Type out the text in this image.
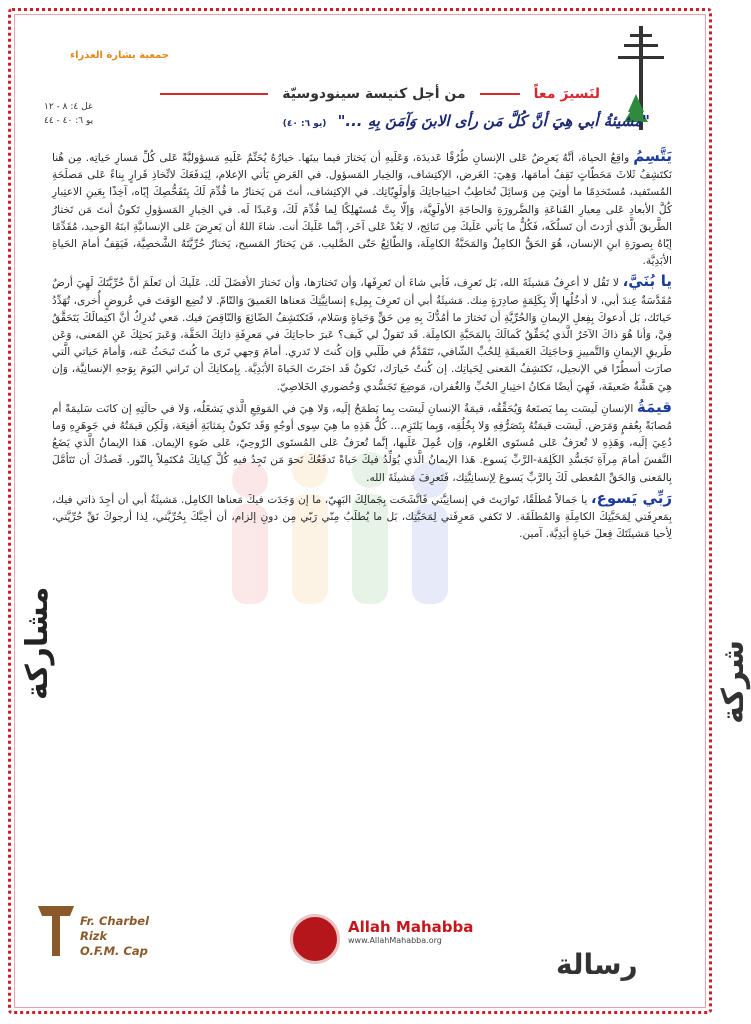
جمعية بشارة العذراء
من أجل كنيسة سينودوسيّة	لنَسيرَ معاً
غل ٤: ٨ - ١٢
يو ٦: ٤٠ - ٤٤	"مشيئةُ أبي هِيَ أنَّ كُلَّ مَن رأى الابنَ وَآمَنَ بِهِ ..." (يو ٦: ٤٠)

يَتَّسِمُ واقِعُ الحياة، أنَّهُ يَعرِضُ عَلى الإنسانِ طُرُقًا عَديدَة، وَعَلَيهِ أن يَختارَ فيما بينَها. خيارُهُ يُحَتِّمُ عَلَيهِ مَسؤوليَّةً عَلى كُلِّ مَسارِ حَياتِه. مِن هُنا نَكتَشِفُ ثَلاثَ مَحَطّاتٍ تَقِفُ أمامَها، وَهِيَ: العَرض، الإكتِشاف، وَالخِيار المَسؤول. في العَرضِ يَأتي الإعلام، لِيَدفَعَكَ لاتِّخاذِ قَرارٍ بِناءً عَلى مَصلَحَةِ المُستَفيد، مُستَخدِمًا ما أوتِيَ مِن وَسائِلَ تُخاطِبُ احتِياجاتِكَ وَأولَوِيّاتِك. في الإكتِشاف، أنتَ مَن يَختارُ ما قُدِّمَ لَكَ بِتَفَحُّصِكَ إيّاه، آخِذًا بِعَينِ الاعتِبارِ كُلَّ الأبعادِ عَلى مِعيارِ القَناعَةِ وَالضَّرورَةِ وَالحاجَةِ الأولَوِيَّة، وَإلّا بِتَّ مُستَهلِكًا لِما قُدِّمَ لَكَ، وَعَبدًا لَه. في الخِيارِ المَسؤولِ تَكونُ أنتَ مَن تَختارُ الطَّريقَ الَّذي أرَدتَ أن تَسلُكَه، فَكُلُّ ما يَأتي عَلَيكَ مِن نَتائِج، لا يَعُدْ عَلى آخَر، إنَّما عَلَيكَ أنت. شاءَ اللهُ أن يَعرِضَ عَلى الإنسانيَّةِ ابنَهُ الوَحيد، مُقَدِّمًا إيّاهُ بِصورَةِ ابنِ الإنسان، هُوَ الحَقُّ الكامِلُ وَالمَحَبَّةُ الكامِلَة، وَالطّائِعُ حَتّى الصَّليب. مَن يَختارُ المَسيح، يَختارُ حُرِّيَّتَهُ الشَّخصِيَّة، فَيَقِفُ أمامَ الحَياةِ الأبَدِيَّة.

يا بُنَيَّ، لا تَقُل لا أعرِفُ مَشيئَةَ الله، بَل تَعرِف، فَأبي شاءَ أن تَعرِفَها، وَأن تَختارَها، وَأن تَختارَ الأفضَلَ لَك. عَلَيكَ أن تَعلَمَ أنَّ حُرِّيَّتَكَ لَهِيَ أرضٌ مُقَدَّسَةٌ عِندَ أبي، لا أدخُلُها إلّا بِكَلِمَةٍ صادِرَةٍ مِنك. مَشيئَةُ أبي أن تَعرِفَ بِمِلءِ إنسانِيَّتِكَ مَعناها العَميقَ وَالتّامّ. لا تُضِع الوَقتَ في عُروضٍ أُخرى، تُهَدِّدُ حَياتَك، بَل أدعوكَ بِفِعلِ الإيمانِ وَالحُرِّيَّةِ أن تَختارَ ما أمُدُّكَ بِهِ مِن حَقٍّ وَحَياةٍ وَسَلام، فَتَكتَشِفُ الضّائِعَ وَالنّاقِصَ فيك. مَعي تُدرِكُ أنَّ اكتِمالَكَ يَتَحَقَّقُ فِيَّ، وَأنا هُوَ ذاكَ الآخَرُ الَّذي يُحَقِّقُ كَمالَكَ بِالمَحَبَّةِ الكامِلَة. قَد تَقولُ لي كَيف؟ عَبرَ حاجاتِكَ في مَعرِفَةِ ذاتِكَ الحَقَّة، وَعَبرَ بَحثِكَ عَنِ المَعنى، وَعَن طَريقِ الإيمانِ وَالتَّمييزِ وَحاجَتِكَ العَميقَةِ لِلحُبِّ الشّافي، تَتَقَدَّمُ في طَلَبي وَإن كُنتَ لا تَدري. أمامَ وَجهي تَرى ما كُنتَ تَبحَثُ عَنه، وَأمامَ حَياتي الَّتي صارَت أسطُرًا في الإنجيل، تَكتَشِفُ المَعنى لِحَياتِك. إن كُنتُ خَيارَك، تَكونُ قَد اختَرتَ الحَياةَ الأبَدِيَّة. بِإمكانِكَ أن تَراني اليَومَ بِوَجهِ الإنسانِيَّة، وَإن هِيَ هَشَّةٌ ضَعيفَة، فَهِيَ أيضًا مَكانُ اختِبارِ الحُبِّ وَالغُفران، مَوضِعَ تَجَسُّدي وَحُضوري الخَلاصِيّ.

قيمَةُ الإنسانِ لَيسَت بِما يَصنَعهُ وَيُحَقِّقُه، قيمَةُ الإنسانِ لَيسَت بِما يَطمَحُ إلَيه، وَلا هِيَ في المَوقِعِ الَّذي يَشغَلُه، وَلا في حالَتِهِ إن كانَت سَليمَةً أم مُصابَةً بِعُقمٍ وَمَرَض. لَيسَت قيمَتُهُ بِتَصَرُّفِهِ وَلا بِخُلُقِه، وَبِما يَلتَزِم... كُلُّ هَذِهِ ما هِيَ سِوى أوجُهٍ وَقَد تَكونُ بِمَثابَةِ أقنِعَة، وَلَكِن قيمَتُهُ في جَوهَرِهِ وَما دُعِيَ إلَيه، وَهَذِهِ لا تُعرَفُ عَلى مُستَوى العُلوم، وَإن عُمِلَ عَلَيها، إنَّما تُعرَفُ عَلى المُستَوى الرّوحِيّ، عَلى ضَوءِ الإيمان. هَذا الإيمانُ الَّذي يَضَعُ النَّفسَ أمامَ مِرآةِ تَجَسُّدِ الكَلِمَة-الرَّبِّ يَسوع. هَذا الإيمانُ الَّذي يُوَلِّدُ فيكَ حَياةً تَدفَعُكَ نَحوَ مَن تَجِدُ فيهِ كُلَّ كِيانِكَ مُكتَمِلاً بِالنّور. قَصدُكَ أن تَتَأمَّلَ بِالمَعنى وَالحَقِّ المُعطى لَكَ بِالرَّبِّ يَسوعَ لِإنسانِيَّتِك، فَتَعرِفَ مَشيئَةَ الله.

رَبِّي يَسوع، يا جَمالاً مُطلَقًا، تَوارَيتَ في إنسانِيَّتي فَاتَّشَحَت بِجَمالِكَ البَهِيّ، ما إن وَجَدَت فيكَ مَعناها الكامِل. مَشيئَةُ أبي أن أجِدَ ذاتي فيك، بِمَعرِفَتي لِمَحَبَّتِكَ الكامِلَةِ وَالمُطلَقَة. لا تَكفي مَعرِفَتي لِمَحَبَّتِك، بَل ما يُطلَبُ مِنّي رَبّي مِن دونِ إلزام، أن أحِبَّكَ بِحُرِّيَّتي، لِذا أرجوكَ نَقِّ حُرِّيَّتي، لِأحيا مَشيئَتَكَ فِعلَ حَياةٍ أبَدِيَّة. آمين.

شركة
مشاركة
Fr. Charbel Rizk
O.F.M. Cap
Allah Mahabba
www.AllahMahabba.org
رسالة
